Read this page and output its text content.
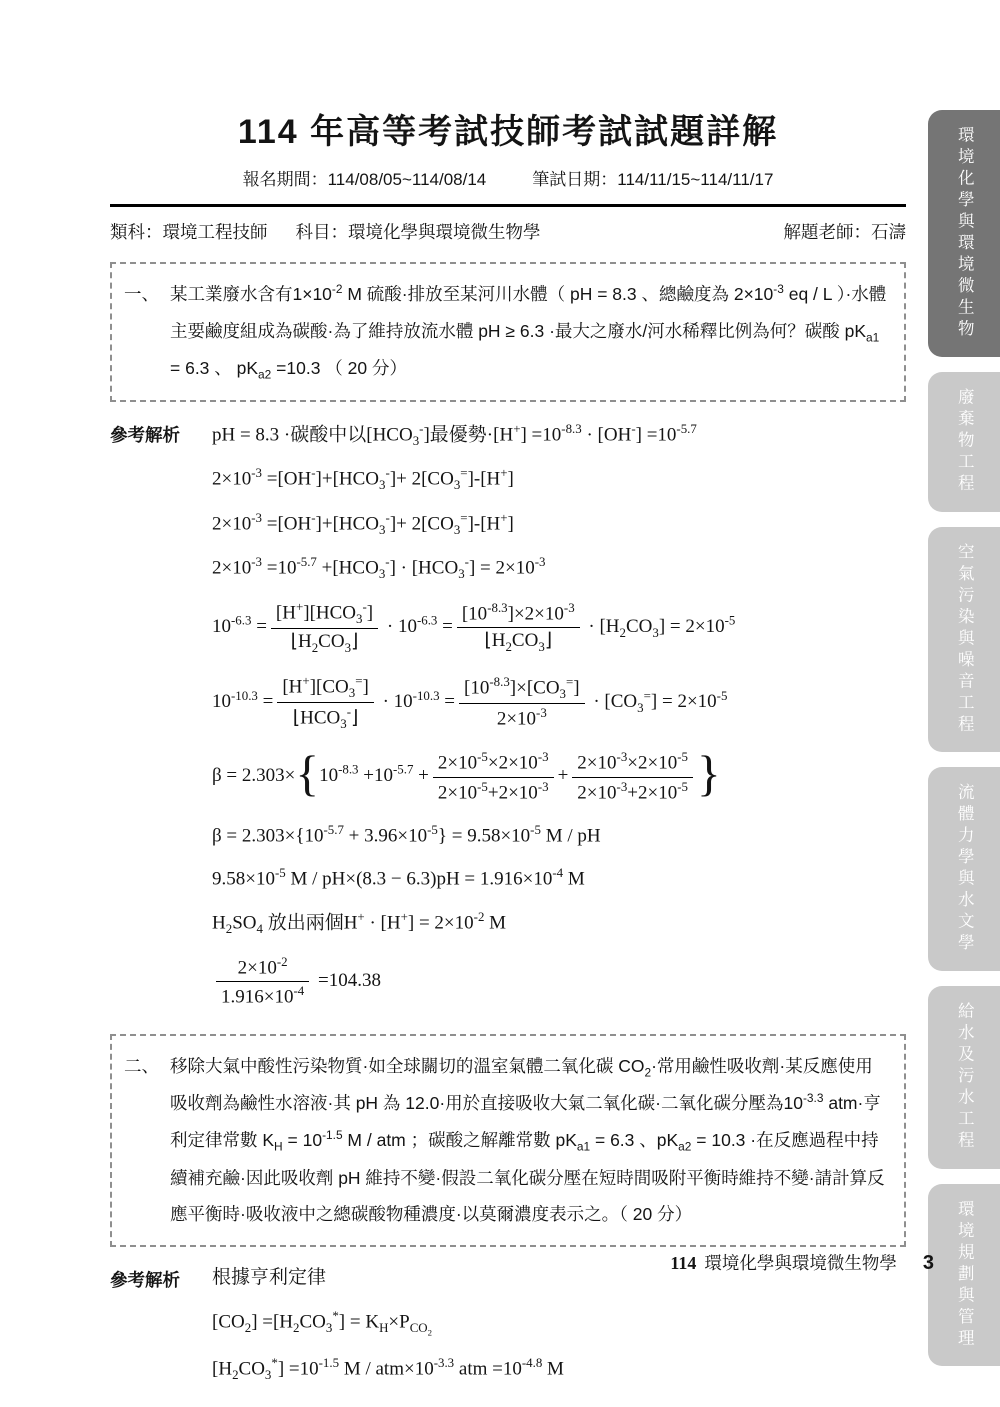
114 年高等考試技師考試試題詳解
報名期間：114/08/05~114/08/14	筆試日期：114/11/15~114/11/17
類科：環境工程技師 科目：環境化學與環境微生物學	解題老師：石濤
一、 某工業廢水含有$1\times 10^{-2}$ M 硫酸·排放至某河川水體（ pH = 8.3 、總鹼度為 $2\times 10^{-3}$ eq / L ）·水體主要鹼度組成為碳酸·為了維持放流水體 pH ≥ 6.3 ·最大之廢水/河水稀釋比例為何？碳酸 $pK_{a1} = 6.3$ 、 $pK_{a2} =10.3$ （ 20 分）
參考解析	pH = 8.3 ·碳酸中以$[HCO_3^-]$最優勢$\cdot[H^+] =10^{-8.3} \cdot [OH^-] =10^{-5.7}$
$2\times 10^{-3} =[OH^-]+[HCO_3^-]+ 2[CO_3^=]-[H^+]$
$2\times 10^{-3} =[OH^-]+[HCO_3^-]+ 2[CO_3^=]-[H^+]$
$2\times 10^{-3} =10^{-5.7} +[HCO_3^-] \cdot [HCO_3^-] = 2\times 10^{-3}$
$10^{-6.3} = \frac{[H^+][HCO_3^-]}{⌊H_2CO_3⌋} \cdot 10^{-6.3} = \frac{[10^{-8.3}]\times 2\times 10^{-3}}{⌊H_2CO_3⌋} \cdot [H_2CO_3] = 2\times 10^{-5}$
$10^{-10.3} = \frac{[H^+][CO_3^=]}{⌊HCO_3^-⌋} \cdot 10^{-10.3} = \frac{[10^{-8.3}]\times[CO_3^=]}{2\times 10^{-3}} \cdot [CO_3^=] = 2\times 10^{-5}$
$\beta = 2.303\times\{10^{-8.3} +10^{-5.7} + \frac{2\times 10^{-5}\times 2\times 10^{-3}}{2\times 10^{-5}+2\times 10^{-3}} + \frac{2\times 10^{-3}\times 2\times 10^{-5}}{2\times 10^{-3}+2\times 10^{-5}}$ }
$\beta = 2.303\times\{10^{-5.7} + 3.96\times 10^{-5}\} = 9.58\times 10^{-5}$ M / pH
$9.58\times 10^{-5}$ $M / pH\times(8.3 - 6.3)pH = 1.916\times 10^{-4}$ M
$H_2SO_4$ 放出兩個$H^+ \cdot [H^+] = 2\times 10^{-2}$ M
$\frac{2\times 10^{-2}}{1.916\times 10^{-4}} =104.38$
二、 移除大氣中酸性污染物質·如全球關切的溫室氣體二氧化碳 $CO_2\cdot$常用鹼性吸收劑·某反應使用吸收劑為鹼性水溶液·其 pH 為 12.0·用於直接吸收大氣二氧化碳·二氧化碳分壓為$10^{-3.3}$ atm·亨利定律常數 $K_H = 10^{-1.5}$ M / atm ；碳酸之解離常數 $pK_{a1} = 6.3$ 、$pK_{a2} = 10.3$ ·在反應過程中持續補充鹼·因此吸收劑 pH 維持不變·假設二氧化碳分壓在短時間吸附平衡時維持不變·請計算反應平衡時·吸收液中之總碳酸物種濃度·以莫爾濃度表示之。（ 20 分）
參考解析	根據亨利定律
$[CO_2] =[H_2CO_3^*] = K_H\times P_{CO_2}$
$[H_2CO_3^*] =10^{-1.5}$ $M / atm\times 10^{-3.3}$ atm $=10^{-4.8}$ M
環境化學與環境微生物
廢棄物工程
空氣污染與噪音工程
流體力學與水文學
給水及污水工程
環境規劃與管理
114 環境化學與環境微生物學 3
